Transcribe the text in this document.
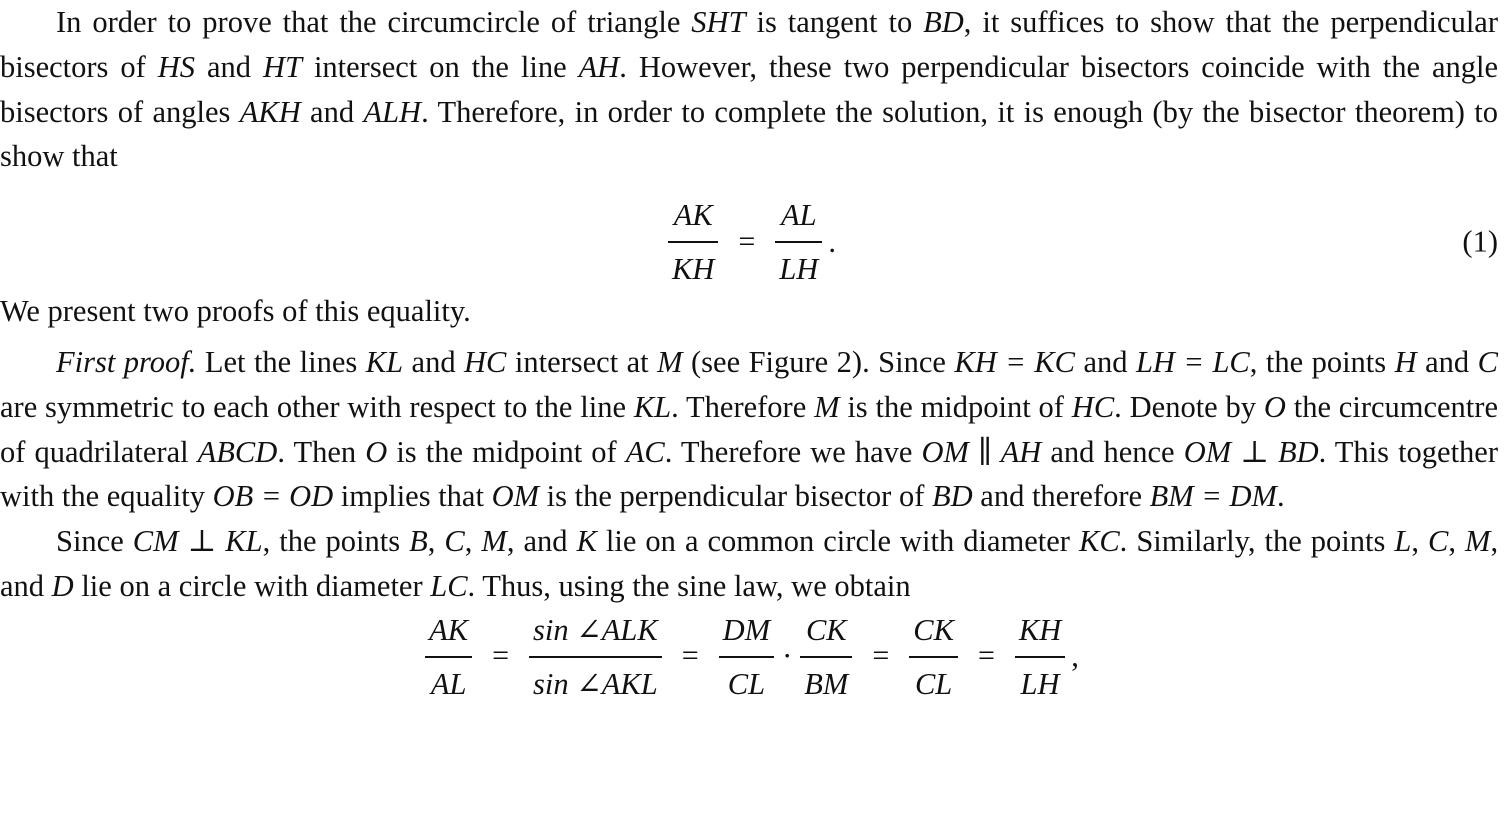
In order to prove that the circumcircle of triangle SHT is tangent to BD, it suffices to show that the perpendicular bisectors of HS and HT intersect on the line AH. However, these two perpendicular bisectors coincide with the angle bisectors of angles AKH and ALH. Therefore, in order to complete the solution, it is enough (by the bisector theorem) to show that

$\frac{AK}{KH} = \frac{AL}{LH}$ .	(1)

We present two proofs of this equality.

First proof. Let the lines KL and HC intersect at M (see Figure 2). Since KH = KC and LH = LC, the points H and C are symmetric to each other with respect to the line KL. Therefore M is the midpoint of HC. Denote by O the circumcentre of quadrilateral ABCD. Then O is the midpoint of AC. Therefore we have OM ∥ AH and hence OM ⊥ BD. This together with the equality OB = OD implies that OM is the perpendicular bisector of BD and therefore BM = DM.

Since CM ⊥ KL, the points B, C, M, and K lie on a common circle with diameter KC. Similarly, the points L, C, M, and D lie on a circle with diameter LC. Thus, using the sine law, we obtain

$\frac{AK}{AL} = \frac{\text{sin ∠ALK}}{\text{sin ∠AKL}} = \frac{DM}{CL} \cdot \frac{CK}{BM} = \frac{CK}{CL} = \frac{KH}{LH}$ ,
